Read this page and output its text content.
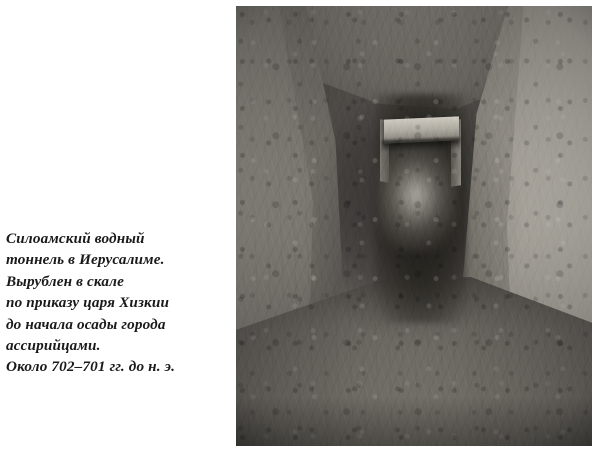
Силоамский водный
тоннель в Иерусалиме.
Вырублен в скале
по приказу царя Хизкии
до начала осады города
ассирийцами.
Около 702–701 гг. до н. э.
